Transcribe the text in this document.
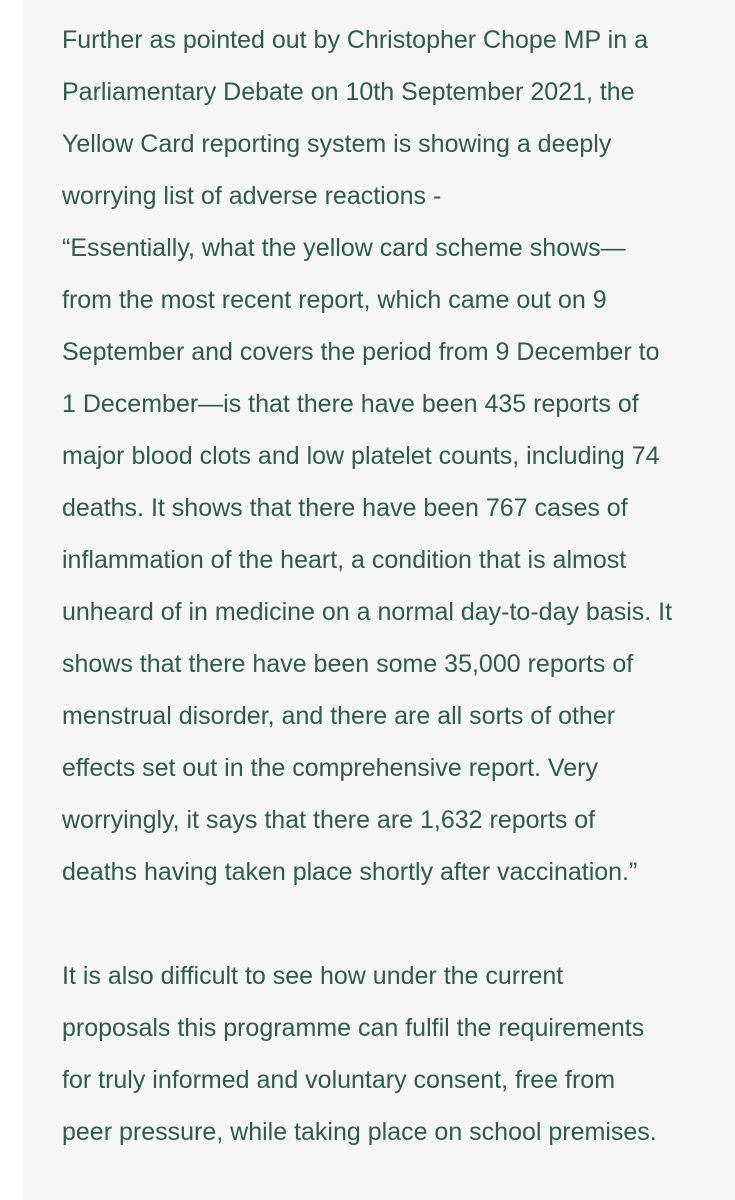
Further as pointed out by Christopher Chope MP in a
Parliamentary Debate on 10th September 2021, the
Yellow Card reporting system is showing a deeply
worrying list of adverse reactions -
“Essentially, what the yellow card scheme shows—
from the most recent report, which came out on 9
September and covers the period from 9 December to
1 December—is that there have been 435 reports of
major blood clots and low platelet counts, including 74
deaths. It shows that there have been 767 cases of
inflammation of the heart, a condition that is almost
unheard of in medicine on a normal day-to-day basis. It
shows that there have been some 35,000 reports of
menstrual disorder, and there are all sorts of other
effects set out in the comprehensive report. Very
worryingly, it says that there are 1,632 reports of
deaths having taken place shortly after vaccination.”
It is also difficult to see how under the current
proposals this programme can fulfil the requirements
for truly informed and voluntary consent, free from
peer pressure, while taking place on school premises.
